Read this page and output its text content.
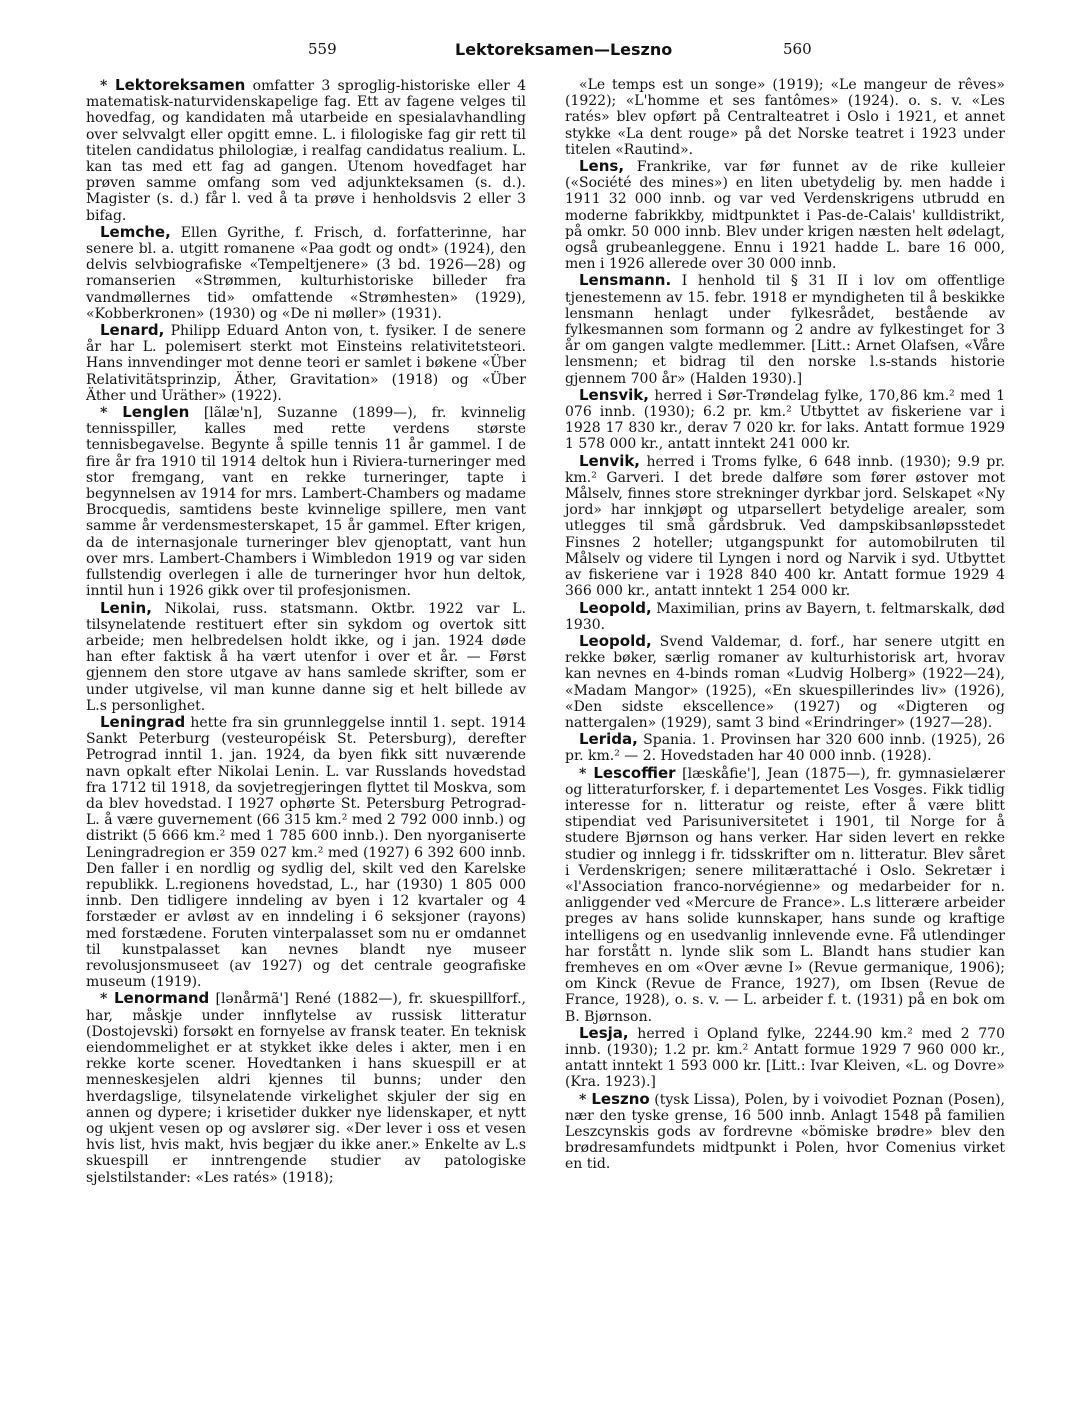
559	Lektoreksamen—Leszno	560

* Lektoreksamen omfatter 3 sproglig-historiske eller 4 matematisk-naturvidenskapelige fag. Ett av fagene velges til hovedfag, og kandidaten må utarbeide en spesialavhandling over selvvalgt eller opgitt emne. L. i filologiske fag gir rett til titelen candidatus philologiæ, i realfag candidatus realium. L. kan tas med ett fag ad gangen. Utenom hovedfaget har prøven samme omfang som ved adjunkteksamen (s. d.). Magister (s. d.) får l. ved å ta prøve i henholdsvis 2 eller 3 bifag.

Lemche, Ellen Gyrithe, f. Frisch, d. forfatterinne, har senere bl. a. utgitt romanene «Paa godt og ondt» (1924), den delvis selvbiografiske «Tempeltjenere» (3 bd. 1926—28) og romanserien «Strømmen, kulturhistoriske billeder fra vandmøllernes tid» omfattende «Strømhesten» (1929), «Kobberkronen» (1930) og «De ni møller» (1931).

Lenard, Philipp Eduard Anton von, t. fysiker. I de senere år har L. polemisert sterkt mot Einsteins relativitetsteori. Hans innvendinger mot denne teori er samlet i bøkene «Über Relativitätsprinzip, Äther, Gravitation» (1918) og «Über Äther und Uräther» (1922).

* Lenglen [lãlæ'n], Suzanne (1899—), fr. kvinnelig tennisspiller, kalles med rette verdens største tennisbegavelse. Begynte å spille tennis 11 år gammel. I de fire år fra 1910 til 1914 deltok hun i Riviera-turneringer med stor fremgang, vant en rekke turneringer, tapte i begynnelsen av 1914 for mrs. Lambert-Chambers og madame Brocquedis, samtidens beste kvinnelige spillere, men vant samme år verdensmesterskapet, 15 år gammel. Efter krigen, da de internasjonale turneringer blev gjenoptatt, vant hun over mrs. Lambert-Chambers i Wimbledon 1919 og var siden fullstendig overlegen i alle de turneringer hvor hun deltok, inntil hun i 1926 gikk over til profesjonismen.

Lenin, Nikolai, russ. statsmann. Oktbr. 1922 var L. tilsynelatende restituert efter sin sykdom og overtok sitt arbeide; men helbredelsen holdt ikke, og i jan. 1924 døde han efter faktisk å ha vært utenfor i over et år. — Først gjennem den store utgave av hans samlede skrifter, som er under utgivelse, vil man kunne danne sig et helt billede av L.s personlighet.

Leningrad hette fra sin grunnleggelse inntil 1. sept. 1914 Sankt Peterburg (vesteuropéisk St. Petersburg), derefter Petrograd inntil 1. jan. 1924, da byen fikk sitt nuværende navn opkalt efter Nikolai Lenin. L. var Russlands hovedstad fra 1712 til 1918, da sovjetregjeringen flyttet til Moskva, som da blev hovedstad. I 1927 ophørte St. Petersburg Petrograd-L. å være guvernement (66 315 km.² med 2 792 000 innb.) og distrikt (5 666 km.² med 1 785 600 innb.). Den nyorganiserte Leningradregion er 359 027 km.² med (1927) 6 392 600 innb. Den faller i en nordlig og sydlig del, skilt ved den Karelske republikk. L.regionens hovedstad, L., har (1930) 1 805 000 innb. Den tidligere inndeling av byen i 12 kvartaler og 4 forstæder er avløst av en inndeling i 6 seksjoner (rayons) med forstædene. Foruten vinterpalasset som nu er omdannet til kunstpalasset kan nevnes blandt nye museer revolusjonsmuseet (av 1927) og det centrale geografiske museum (1919).

* Lenormand [lənårmã'] René (1882—), fr. skuespillforf., har, måskje under innflytelse av russisk litteratur (Dostojevski) forsøkt en fornyelse av fransk teater. En teknisk eiendommelighet er at stykket ikke deles i akter, men i en rekke korte scener. Hovedtanken i hans skuespill er at menneskesjelen aldri kjennes til bunns; under den hverdagslige, tilsynelatende virkelighet skjuler der sig en annen og dypere; i krisetider dukker nye lidenskaper, et nytt og ukjent vesen op og avslører sig. «Der lever i oss et vesen hvis list, hvis makt, hvis begjær du ikke aner.» Enkelte av L.s skuespill er inntrengende studier av patologiske sjelstilstander: «Les ratés» (1918);

«Le temps est un songe» (1919); «Le mangeur de rêves» (1922); «L'homme et ses fantômes» (1924). o. s. v. «Les ratés» blev opført på Centralteatret i Oslo i 1921, et annet stykke «La dent rouge» på det Norske teatret i 1923 under titelen «Rautind».

Lens, Frankrike, var før funnet av de rike kulleier («Société des mines») en liten ubetydelig by. men hadde i 1911 32 000 innb. og var ved Verdenskrigens utbrudd en moderne fabrikkby, midtpunktet i Pas-de-Calais' kulldistrikt, på omkr. 50 000 innb. Blev under krigen næsten helt ødelagt, også grubeanleggene. Ennu i 1921 hadde L. bare 16 000, men i 1926 allerede over 30 000 innb.

Lensmann. I henhold til § 31 II i lov om offentlige tjenestemenn av 15. febr. 1918 er myndigheten til å beskikke lensmann henlagt under fylkesrådet, bestående av fylkesmannen som formann og 2 andre av fylkestinget for 3 år om gangen valgte medlemmer. [Litt.: Arnet Olafsen, «Våre lensmenn; et bidrag til den norske l.s-stands historie gjennem 700 år» (Halden 1930).]

Lensvik, herred i Sør-Trøndelag fylke, 170,86 km.² med 1 076 innb. (1930); 6.2 pr. km.² Utbyttet av fiskeriene var i 1928 17 830 kr., derav 7 020 kr. for laks. Antatt formue 1929 1 578 000 kr., antatt inntekt 241 000 kr.

Lenvik, herred i Troms fylke, 6 648 innb. (1930); 9.9 pr. km.² Garveri. I det brede dalføre som fører østover mot Målselv, finnes store strekninger dyrkbar jord. Selskapet «Ny jord» har innkjøpt og utparsellert betydelige arealer, som utlegges til små gårdsbruk. Ved dampskibsanløpsstedet Finsnes 2 hoteller; utgangspunkt for automobilruten til Målselv og videre til Lyngen i nord og Narvik i syd. Utbyttet av fiskeriene var i 1928 840 400 kr. Antatt formue 1929 4 366 000 kr., antatt inntekt 1 254 000 kr.

Leopold, Maximilian, prins av Bayern, t. feltmarskalk, død 1930.

Leopold, Svend Valdemar, d. forf., har senere utgitt en rekke bøker, særlig romaner av kulturhistorisk art, hvorav kan nevnes en 4-binds roman «Ludvig Holberg» (1922—24), «Madam Mangor» (1925), «En skuespillerindes liv» (1926), «Den sidste ekscellence» (1927) og «Digteren og nattergalen» (1929), samt 3 bind «Erindringer» (1927—28).

Lerida, Spania. 1. Provinsen har 320 600 innb. (1925), 26 pr. km.² — 2. Hovedstaden har 40 000 innb. (1928).

* Lescoffier [læskåfie'], Jean (1875—), fr. gymnasielærer og litteraturforsker, f. i departementet Les Vosges. Fikk tidlig interesse for n. litteratur og reiste, efter å være blitt stipendiat ved Parisuniversitetet i 1901, til Norge for å studere Bjørnson og hans verker. Har siden levert en rekke studier og innlegg i fr. tidsskrifter om n. litteratur. Blev såret i Verdenskrigen; senere militærattaché i Oslo. Sekretær i «l'Association franco-norvégienne» og medarbeider for n. anliggender ved «Mercure de France». L.s litterære arbeider preges av hans solide kunnskaper, hans sunde og kraftige intelligens og en usedvanlig innlevende evne. Få utlendinger har forstått n. lynde slik som L. Blandt hans studier kan fremheves en om «Over ævne I» (Revue germanique, 1906); om Kinck (Revue de France, 1927), om Ibsen (Revue de France, 1928), o. s. v. — L. arbeider f. t. (1931) på en bok om B. Bjørnson.

Lesja, herred i Opland fylke, 2244.90 km.² med 2 770 innb. (1930); 1.2 pr. km.² Antatt formue 1929 7 960 000 kr., antatt inntekt 1 593 000 kr. [Litt.: Ivar Kleiven, «L. og Dovre» (Kra. 1923).]

* Leszno (tysk Lissa), Polen, by i voivodiet Poznan (Posen), nær den tyske grense, 16 500 innb. Anlagt 1548 på familien Leszcynskis gods av fordrevne «bömiske brødre» blev den brødresamfundets midtpunkt i Polen, hvor Comenius virket en tid.
